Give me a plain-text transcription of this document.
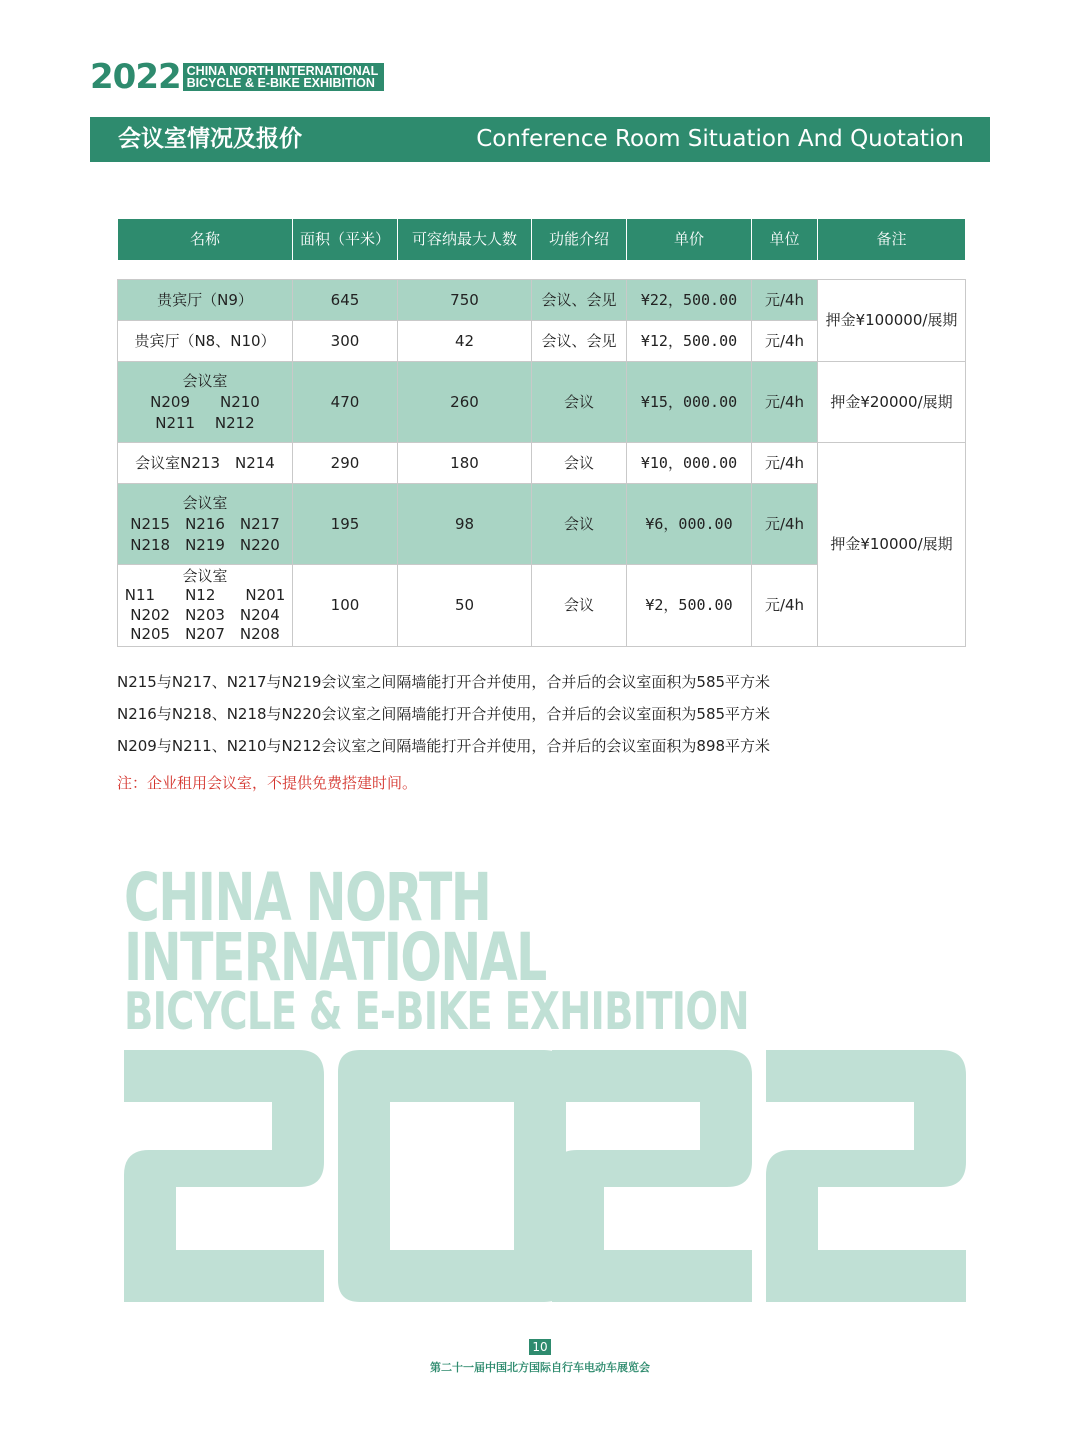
2022 CHINA NORTH INTERNATIONAL
BICYCLE & E-BIKE EXHIBITION
会议室情况及报价	Conference Room Situation And Quotation
名称	面积（平米）	可容纳最大人数	功能介绍	单价	单位	备注
贵宾厅（N9）	645	750	会议、会见	¥22，500.00	元/4h	押金¥100000/展期
贵宾厅（N8、N10）	300	42	会议、会见	¥12，500.00	元/4h	

会议室
N209　　N210
N211　 N212	470	260	会议	¥15，000.00	元/4h	押金¥20000/展期
会议室N213　N214	290	180	会议	¥10，000.00	元/4h	押金¥10000/展期

会议室
N215　N216　N217
N218　N219　N220	195	98	会议	¥6，000.00	元/4h	

会议室
N11　　N12　　N201
N202　N203　N204
N205　N207　N208	100	50	会议	¥2，500.00	元/4h	
N215与N217、N217与N219会议室之间隔墙能打开合并使用，合并后的会议室面积为585平方米
N216与N218、N218与N220会议室之间隔墙能打开合并使用，合并后的会议室面积为585平方米
N209与N211、N210与N212会议室之间隔墙能打开合并使用，合并后的会议室面积为898平方米
注：企业租用会议室，不提供免费搭建时间。
CHINA NORTH
INTERNATIONAL
BICYCLE & E-BIKE EXHIBITION
10
第二十一届中国北方国际自行车电动车展览会
